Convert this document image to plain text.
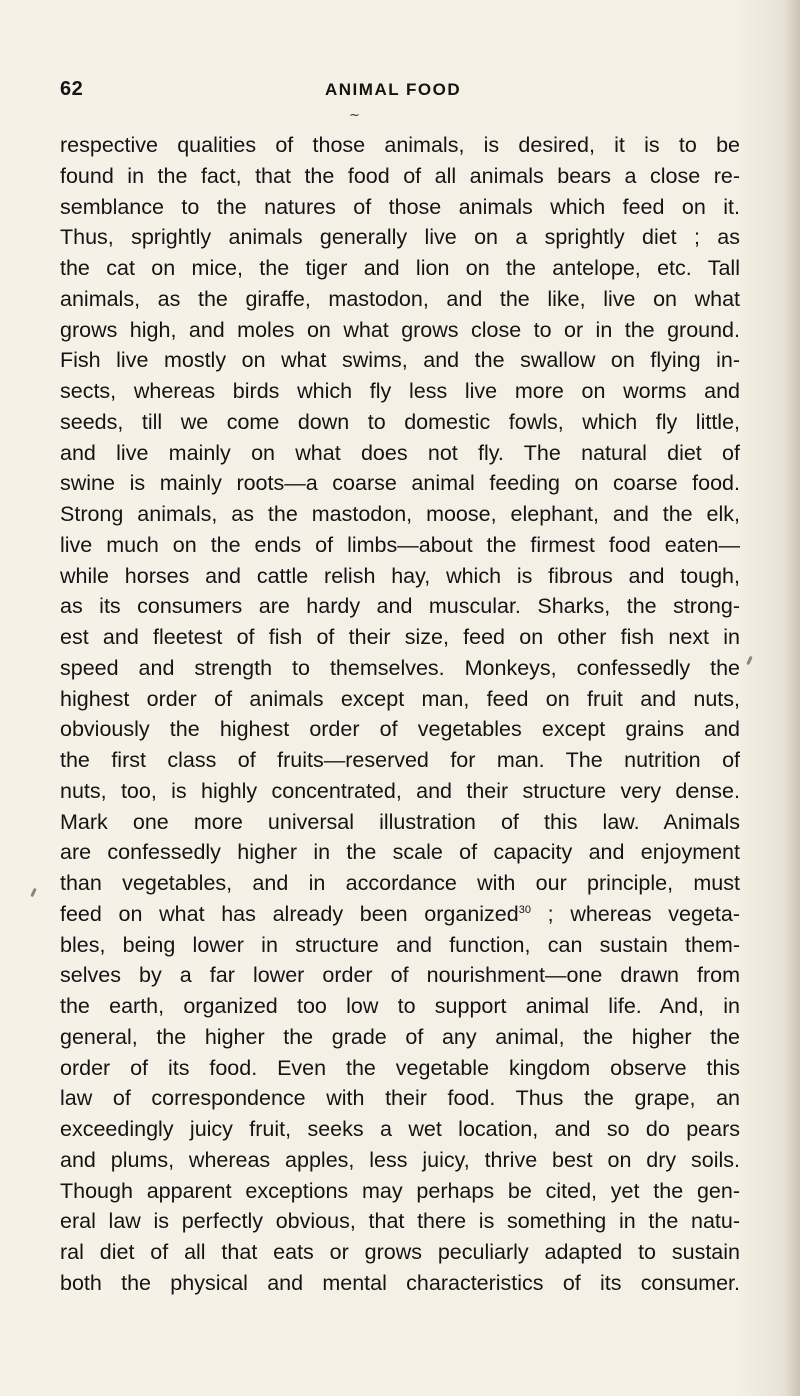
62	ANIMAL FOOD
~
respective qualities of those animals, is desired, it is to be
found in the fact, that the food of all animals bears a close re-
semblance to the natures of those animals which feed on it.
Thus, sprightly animals generally live on a sprightly diet ; as
the cat on mice, the tiger and lion on the antelope, etc. Tall
animals, as the giraffe, mastodon, and the like, live on what
grows high, and moles on what grows close to or in the ground.
Fish live mostly on what swims, and the swallow on flying in-
sects, whereas birds which fly less live more on worms and
seeds, till we come down to domestic fowls, which fly little,
and live mainly on what does not fly. The natural diet of
swine is mainly roots—a coarse animal feeding on coarse food.
Strong animals, as the mastodon, moose, elephant, and the elk,
live much on the ends of limbs—about the firmest food eaten—
while horses and cattle relish hay, which is fibrous and tough,
as its consumers are hardy and muscular. Sharks, the strong-
est and fleetest of fish of their size, feed on other fish next in
speed and strength to themselves. Monkeys, confessedly the
highest order of animals except man, feed on fruit and nuts,
obviously the highest order of vegetables except grains and
the first class of fruits—reserved for man. The nutrition of
nuts, too, is highly concentrated, and their structure very dense.
Mark one more universal illustration of this law. Animals
are confessedly higher in the scale of capacity and enjoyment
than vegetables, and in accordance with our principle, must
feed on what has already been organized$^{30}$ ; whereas vegeta-
bles, being lower in structure and function, can sustain them-
selves by a far lower order of nourishment—one drawn from
the earth, organized too low to support animal life. And, in
general, the higher the grade of any animal, the higher the
order of its food. Even the vegetable kingdom observe this
law of correspondence with their food. Thus the grape, an
exceedingly juicy fruit, seeks a wet location, and so do pears
and plums, whereas apples, less juicy, thrive best on dry soils.
Though apparent exceptions may perhaps be cited, yet the gen-
eral law is perfectly obvious, that there is something in the natu-
ral diet of all that eats or grows peculiarly adapted to sustain
both the physical and mental characteristics of its consumer.
